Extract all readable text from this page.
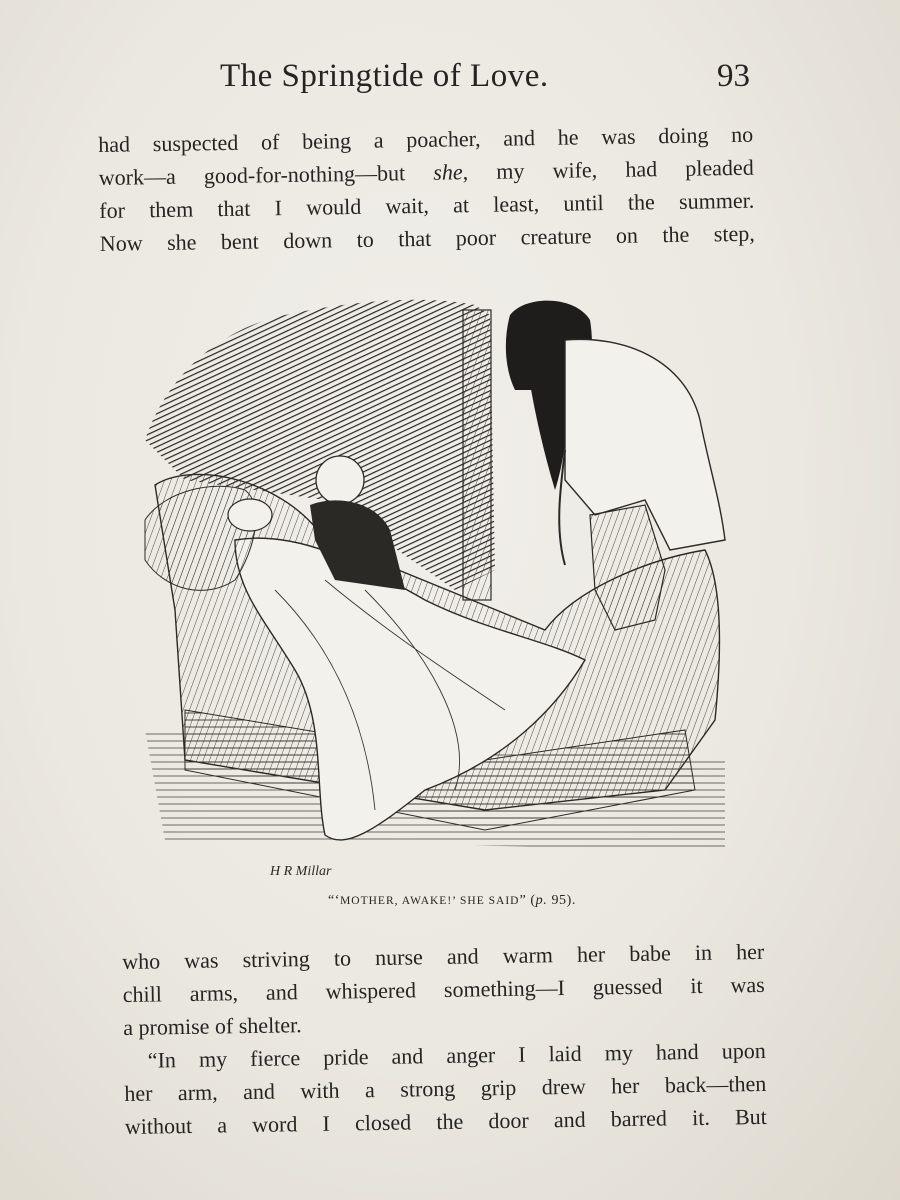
The Springtide of Love.	93

had suspected of being a poacher, and he was doing no

work—a good-for-nothing—but she, my wife, had pleaded

for them that I would wait, at least, until the summer.

Now she bent down to that poor creature on the step,

H R Millar
“‘MOTHER, AWAKE!’ SHE SAID” (p. 95).

who was striving to nurse and warm her babe in her

chill arms, and whispered something—I guessed it was

a promise of shelter.

“In my fierce pride and anger I laid my hand upon

her arm, and with a strong grip drew her back—then

without a word I closed the door and barred it. But
